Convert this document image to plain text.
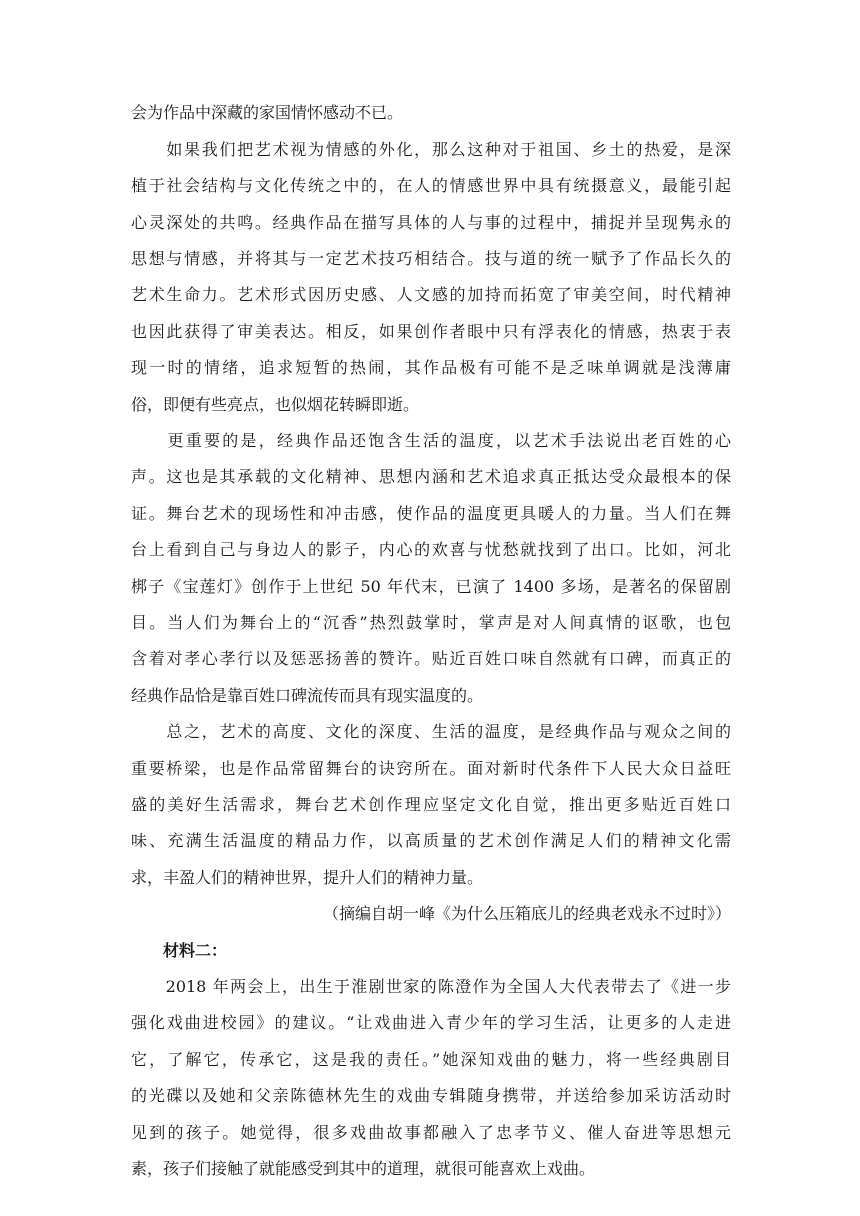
会为作品中深藏的家国情怀感动不已。
　　如果我们把艺术视为情感的外化，那么这种对于祖国、乡土的热爱，是深
植于社会结构与文化传统之中的，在人的情感世界中具有统摄意义，最能引起
心灵深处的共鸣。经典作品在描写具体的人与事的过程中，捕捉并呈现隽永的
思想与情感，并将其与一定艺术技巧相结合。技与道的统一赋予了作品长久的
艺术生命力。艺术形式因历史感、人文感的加持而拓宽了审美空间，时代精神
也因此获得了审美表达。相反，如果创作者眼中只有浮表化的情感，热衷于表
现一时的情绪，追求短暂的热闹，其作品极有可能不是乏味单调就是浅薄庸
俗，即便有些亮点，也似烟花转瞬即逝。
　　更重要的是，经典作品还饱含生活的温度，以艺术手法说出老百姓的心
声。这也是其承载的文化精神、思想内涵和艺术追求真正抵达受众最根本的保
证。舞台艺术的现场性和冲击感，使作品的温度更具暖人的力量。当人们在舞
台上看到自己与身边人的影子，内心的欢喜与忧愁就找到了出口。比如，河北
梆子《宝莲灯》创作于上世纪 50 年代末，已演了 1400 多场，是著名的保留剧
目。当人们为舞台上的“沉香”热烈鼓掌时，掌声是对人间真情的讴歌，也包
含着对孝心孝行以及惩恶扬善的赞许。贴近百姓口味自然就有口碑，而真正的
经典作品恰是靠百姓口碑流传而具有现实温度的。
　　总之，艺术的高度、文化的深度、生活的温度，是经典作品与观众之间的
重要桥梁，也是作品常留舞台的诀窍所在。面对新时代条件下人民大众日益旺
盛的美好生活需求，舞台艺术创作理应坚定文化自觉，推出更多贴近百姓口
味、充满生活温度的精品力作，以高质量的艺术创作满足人们的精神文化需
求，丰盈人们的精神世界，提升人们的精神力量。
（摘编自胡一峰《为什么压箱底儿的经典老戏永不过时》）
　　材料二：
　　2018 年两会上，出生于淮剧世家的陈澄作为全国人大代表带去了《进一步
强化戏曲进校园》的建议。“让戏曲进入青少年的学习生活，让更多的人走进
它，了解它，传承它，这是我的责任。”她深知戏曲的魅力，将一些经典剧目
的光碟以及她和父亲陈德林先生的戏曲专辑随身携带，并送给参加采访活动时
见到的孩子。她觉得，很多戏曲故事都融入了忠孝节义、催人奋进等思想元
素，孩子们接触了就能感受到其中的道理，就很可能喜欢上戏曲。
